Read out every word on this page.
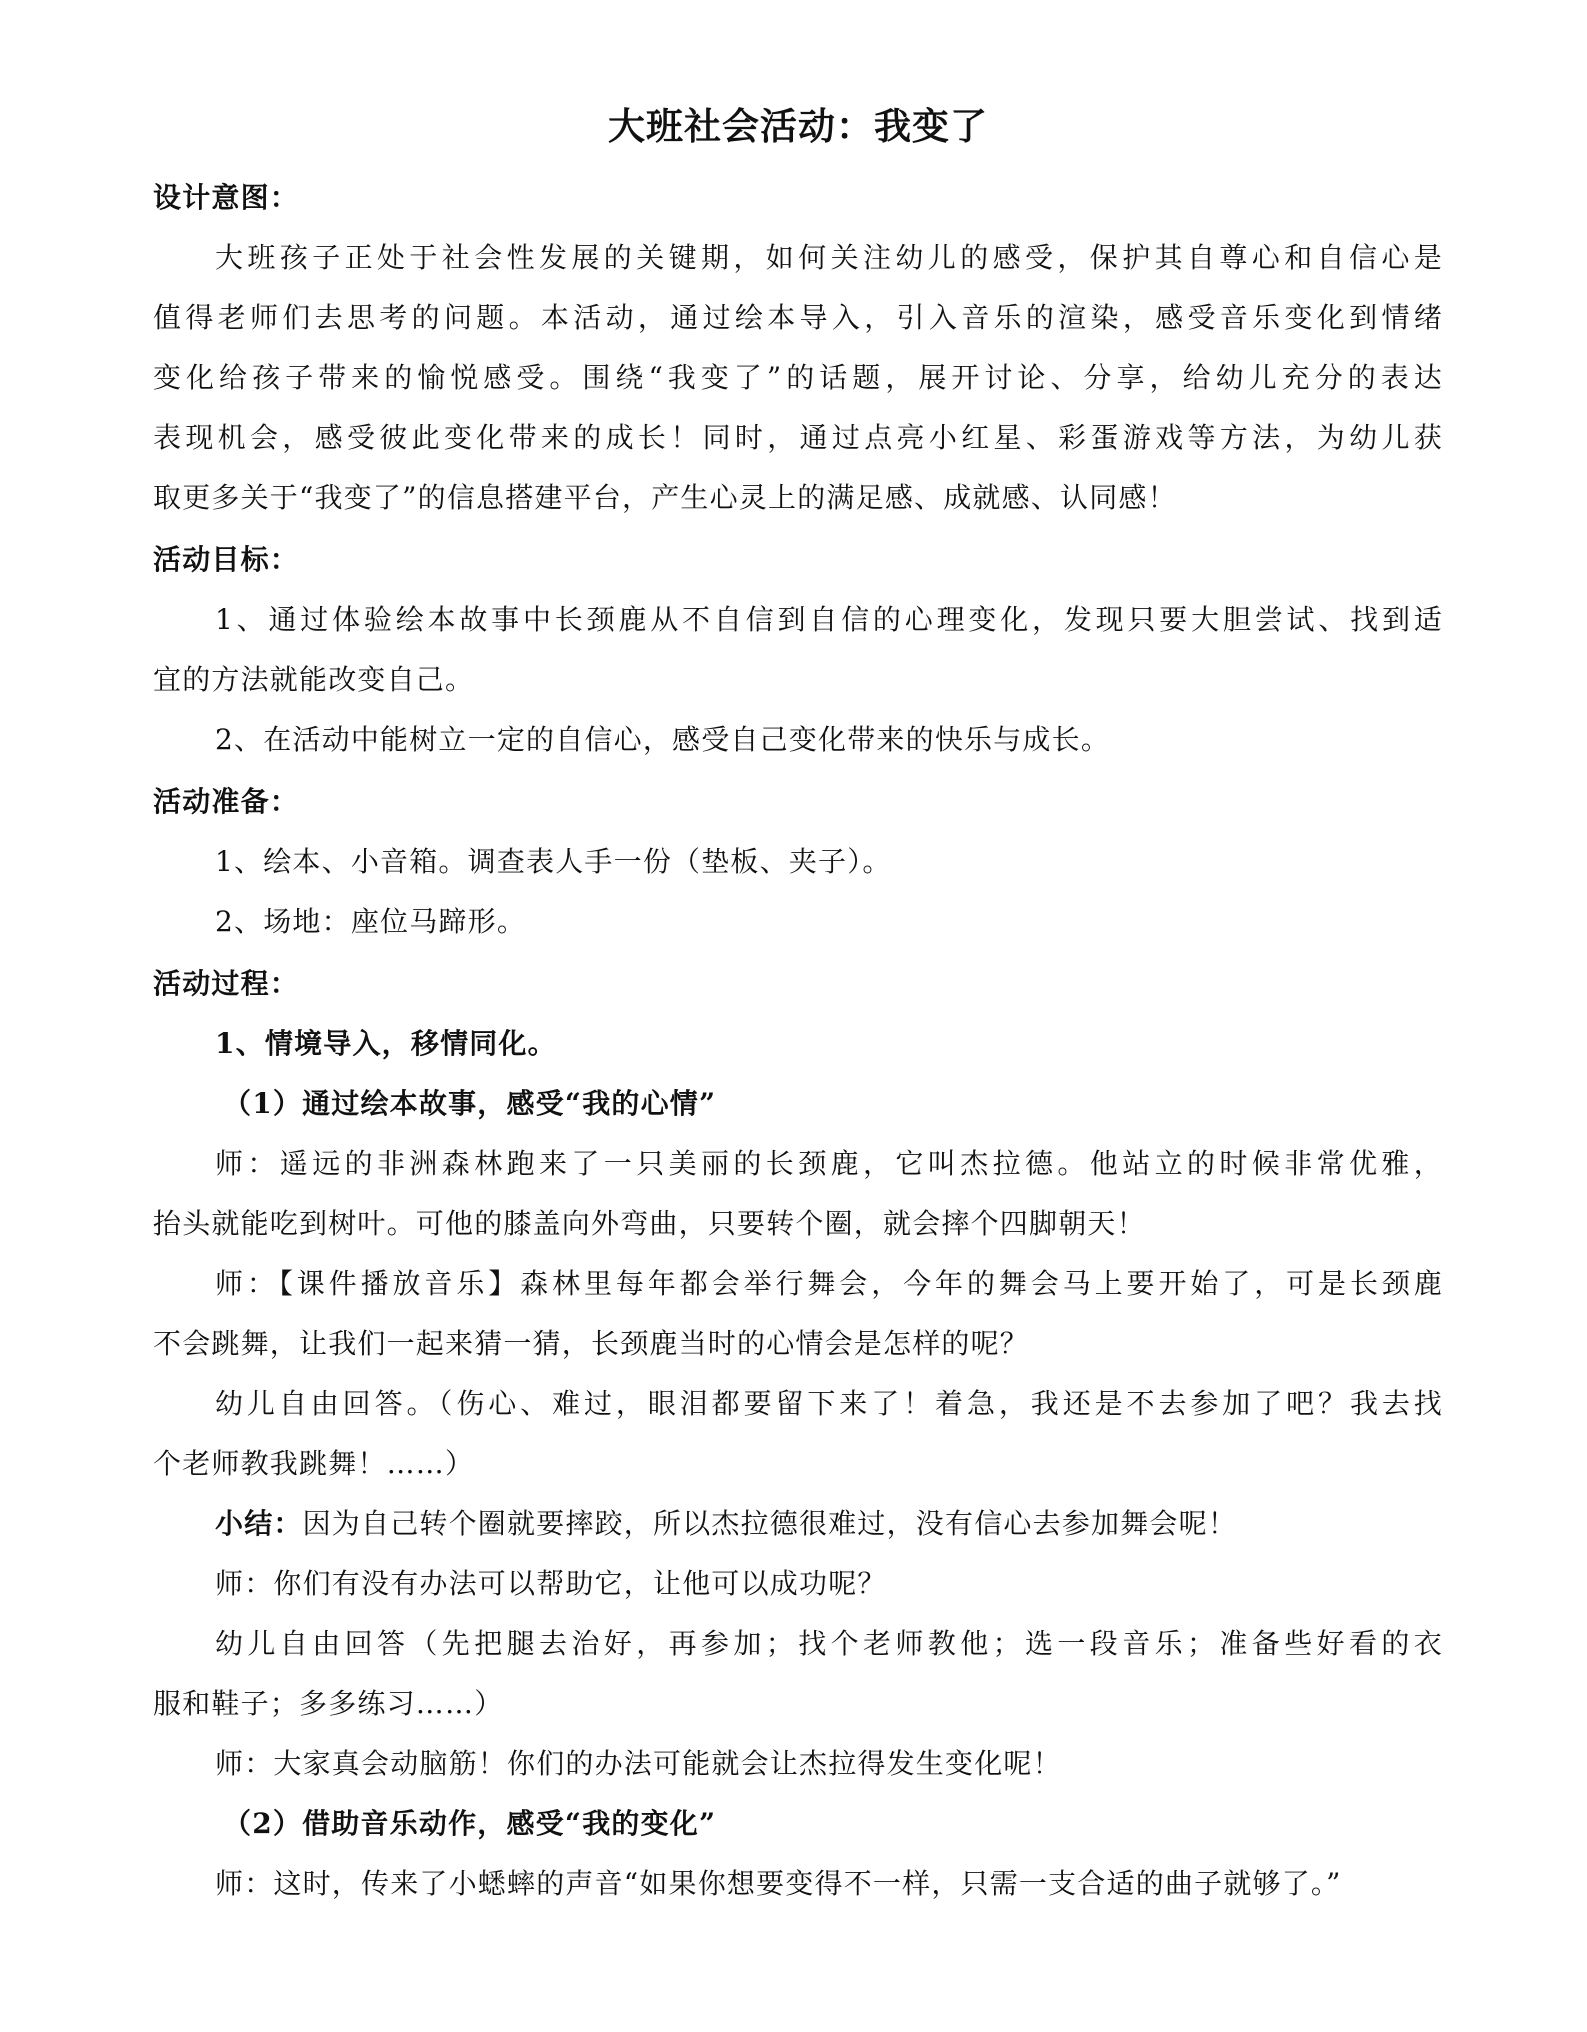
大班社会活动：我变了
设计意图：
大班孩子正处于社会性发展的关键期，如何关注幼儿的感受，保护其自尊心和自信心是
值得老师们去思考的问题。本活动，通过绘本导入，引入音乐的渲染，感受音乐变化到情绪
变化给孩子带来的愉悦感受。围绕“我变了”的话题，展开讨论、分享，给幼儿充分的表达
表现机会，感受彼此变化带来的成长！同时，通过点亮小红星、彩蛋游戏等方法，为幼儿获
取更多关于“我变了”的信息搭建平台，产生心灵上的满足感、成就感、认同感！
活动目标：
1、通过体验绘本故事中长颈鹿从不自信到自信的心理变化，发现只要大胆尝试、找到适
宜的方法就能改变自己。
2、在活动中能树立一定的自信心，感受自己变化带来的快乐与成长。
活动准备：
1、绘本、小音箱。调查表人手一份（垫板、夹子）。
2、场地：座位马蹄形。
活动过程：
1、情境导入，移情同化。
（1）通过绘本故事，感受“我的心情”
师：遥远的非洲森林跑来了一只美丽的长颈鹿，它叫杰拉德。他站立的时候非常优雅，
抬头就能吃到树叶。可他的膝盖向外弯曲，只要转个圈，就会摔个四脚朝天！
师：【课件播放音乐】森林里每年都会举行舞会，今年的舞会马上要开始了，可是长颈鹿
不会跳舞，让我们一起来猜一猜，长颈鹿当时的心情会是怎样的呢？
幼儿自由回答。（伤心、难过，眼泪都要留下来了！着急，我还是不去参加了吧？我去找
个老师教我跳舞！……）
小结：因为自己转个圈就要摔跤，所以杰拉德很难过，没有信心去参加舞会呢！
师：你们有没有办法可以帮助它，让他可以成功呢？
幼儿自由回答（先把腿去治好，再参加；找个老师教他；选一段音乐；准备些好看的衣
服和鞋子；多多练习……）
师：大家真会动脑筋！你们的办法可能就会让杰拉得发生变化呢！
（2）借助音乐动作，感受“我的变化”
师：这时，传来了小蟋蟀的声音“如果你想要变得不一样，只需一支合适的曲子就够了。”
